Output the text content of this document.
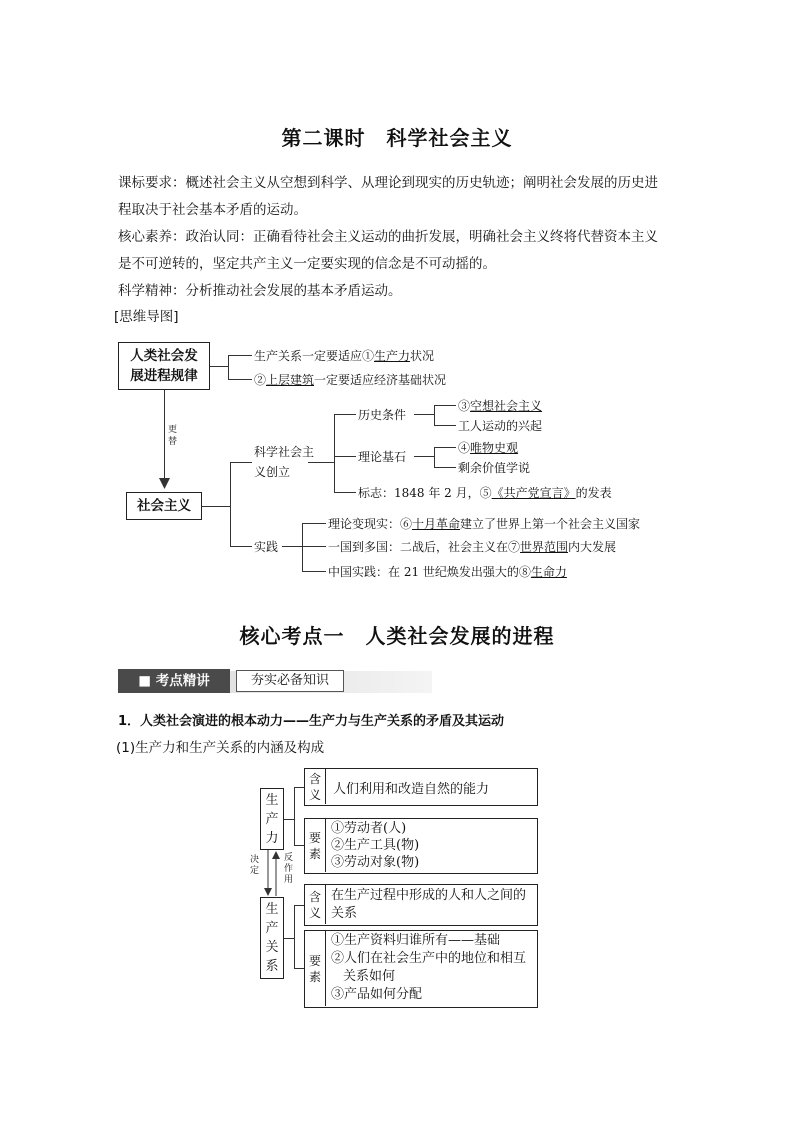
第二课时　科学社会主义
课标要求：概述社会主义从空想到科学、从理论到现实的历史轨迹；阐明社会发展的历史进
程取决于社会基本矛盾的运动。
核心素养：政治认同：正确看待社会主义运动的曲折发展，明确社会主义终将代替资本主义
是不可逆转的，坚定共产主义一定要实现的信念是不可动摇的。
科学精神：分析推动社会发展的基本矛盾运动。
[思维导图]
人类社会发展进程规律
生产关系一定要适应①生产力状况
②上层建筑一定要适应经济基础状况
更替
社会主义
科学社会主义创立
历史条件
③空想社会主义
工人运动的兴起
理论基石
④唯物史观
剩余价值学说
标志：1848 年 2 月，⑤《共产党宣言》的发表
实践
理论变现实：⑥十月革命建立了世界上第一个社会主义国家
一国到多国：二战后，社会主义在⑦世界范围内大发展
中国实践：在 21 世纪焕发出强大的⑧生命力
核心考点一　人类社会发展的进程
■ 考点精讲	夯实必备知识
1．人类社会演进的根本动力——生产力与生产关系的矛盾及其运动
(1)生产力和生产关系的内涵及构成
生
产
力
生
产
关
系
决定
反作用
含义 人们利用和改造自然的能力
要素
①劳动者(人)
②生产工具(物)
③劳动对象(物)
含义
在生产过程中形成的人和人之间的
关系
要素
①生产资料归谁所有——基础
②人们在社会生产中的地位和相互
关系如何
③产品如何分配
